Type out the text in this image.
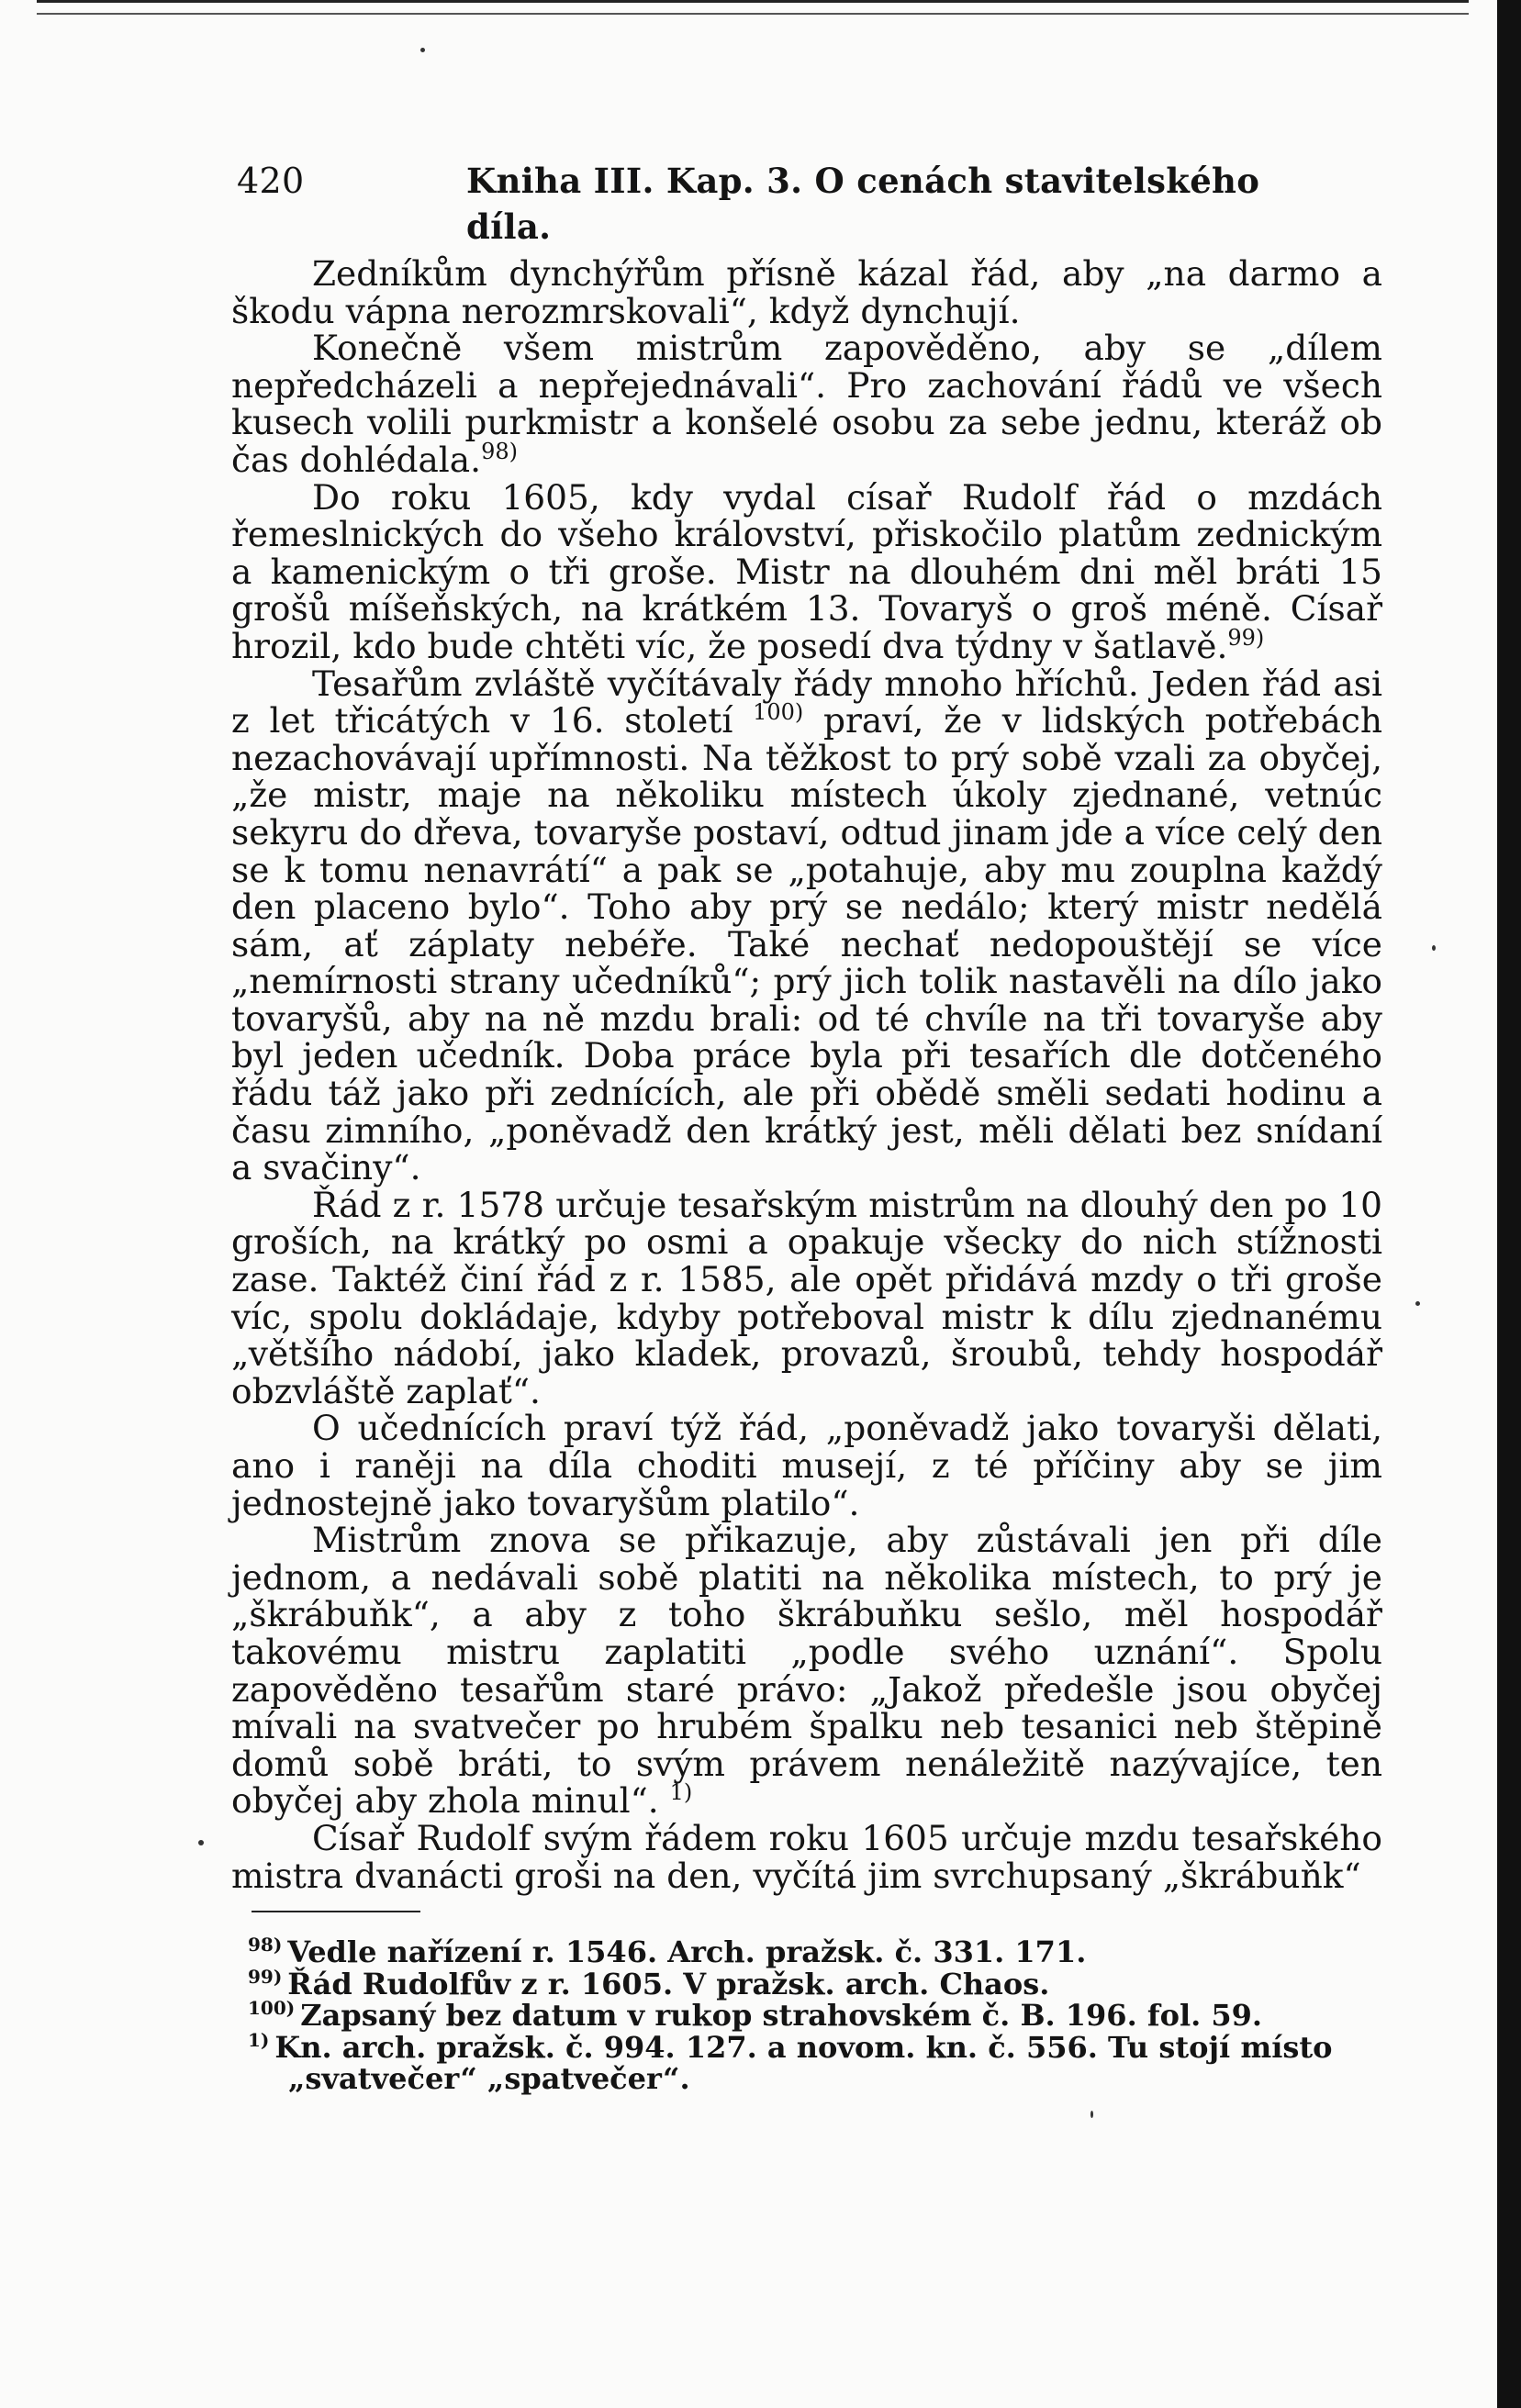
420	Kniha III. Kap. 3. O cenách stavitelského díla.

Zedníkům dynchýřům přísně kázal řád, aby „na darmo a škodu vápna nerozmrskovali“, když dynchují.

Konečně všem mistrům zapověděno, aby se „dílem nepředcházeli a nepřejednávali“. Pro zachování řádů ve všech kusech volili purkmistr a konšelé osobu za sebe jednu, kteráž ob čas dohlédala.$^{98)}$

Do roku 1605, kdy vydal císař Rudolf řád o mzdách řemeslnických do všeho království, přiskočilo platům zednickým a kamenickým o tři groše. Mistr na dlouhém dni měl bráti 15 grošů míšeňských, na krátkém 13. Tovaryš o groš méně. Císař hrozil, kdo bude chtěti víc, že posedí dva týdny v šatlavě.$^{99)}$

Tesařům zvláště vyčítávaly řády mnoho hříchů. Jeden řád asi z let třicátých v 16. století $^{100)}$ praví, že v lidských potřebách nezachovávají upřímnosti. Na těžkost to prý sobě vzali za obyčej, „že mistr, maje na několiku místech úkoly zjednané, vetnúc sekyru do dřeva, tovaryše postaví, odtud jinam jde a více celý den se k tomu nenavrátí“ a pak se „potahuje, aby mu zouplna každý den placeno bylo“. Toho aby prý se nedálo; který mistr nedělá sám, ať záplaty nebéře. Také nechať nedopouštějí se více „nemírnosti strany učedníků“; prý jich tolik nastavěli na dílo jako tovaryšů, aby na ně mzdu brali: od té chvíle na tři tovaryše aby byl jeden učedník. Doba práce byla při tesařích dle dotčeného řádu táž jako při zednících, ale při obědě směli sedati hodinu a času zimního, „poněvadž den krátký jest, měli dělati bez snídaní a svačiny“.

Řád z r. 1578 určuje tesařským mistrům na dlouhý den po 10 groších, na krátký po osmi a opakuje všecky do nich stížnosti zase. Taktéž činí řád z r. 1585, ale opět přidává mzdy o tři groše víc, spolu dokládaje, kdyby potřeboval mistr k dílu zjednanému „většího nádobí, jako kladek, provazů, šroubů, tehdy hospodář obzvláště zaplať“.

O učednících praví týž řád, „poněvadž jako tovaryši dělati, ano i raněji na díla choditi musejí, z té příčiny aby se jim jednostejně jako tovaryšům platilo“.

Mistrům znova se přikazuje, aby zůstávali jen při díle jednom, a nedávali sobě platiti na několika místech, to prý je „škrábuňk“, a aby z toho škrábuňku sešlo, měl hospodář takovému mistru zaplatiti „podle svého uznání“. Spolu zapověděno tesařům staré právo: „Jakož předešle jsou obyčej mívali na svatvečer po hrubém špalku neb tesanici neb štěpině domů sobě bráti, to svým právem nenáležitě nazývajíce, ten obyčej aby zhola minul“. $^{1)}$

Císař Rudolf svým řádem roku 1605 určuje mzdu tesařského mistra dvanácti groši na den, vyčítá jim svrchupsaný „škrábuňk“

$^{98)}$ Vedle nařízení r. 1546. Arch. pražsk. č. 331. 171.

$^{99)}$ Řád Rudolfův z r. 1605. V pražsk. arch. Chaos.

$^{100)}$ Zapsaný bez datum v rukop strahovském č. B. 196. fol. 59.

$^{1)}$ Kn. arch. pražsk. č. 994. 127. a novom. kn. č. 556. Tu stojí místo „svatvečer“ „spatvečer“.
